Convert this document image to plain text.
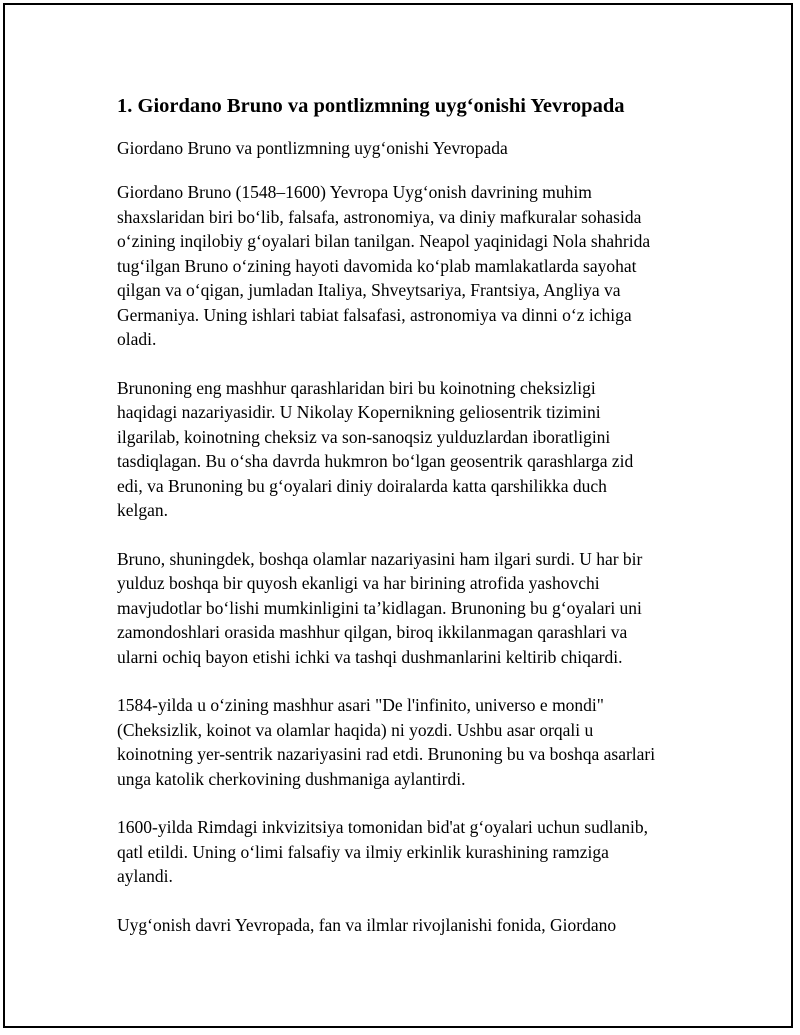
1. Giordano Bruno va pontlizmning uyg‘onishi Yevropada
Giordano Bruno va pontlizmning uyg‘onishi Yevropada
Giordano Bruno (1548–1600) Yevropa Uyg‘onish davrining muhim
shaxslaridan biri bo‘lib, falsafa, astronomiya, va diniy mafkuralar sohasida
o‘zining inqilobiy g‘oyalari bilan tanilgan. Neapol yaqinidagi Nola shahrida
tug‘ilgan Bruno o‘zining hayoti davomida ko‘plab mamlakatlarda sayohat
qilgan va o‘qigan, jumladan Italiya, Shveytsariya, Frantsiya, Angliya va
Germaniya. Uning ishlari tabiat falsafasi, astronomiya va dinni o‘z ichiga
oladi.
Brunoning eng mashhur qarashlaridan biri bu koinotning cheksizligi
haqidagi nazariyasidir. U Nikolay Kopernikning geliosentrik tizimini
ilgarilab, koinotning cheksiz va son-sanoqsiz yulduzlardan iboratligini
tasdiqlagan. Bu o‘sha davrda hukmron bo‘lgan geosentrik qarashlarga zid
edi, va Brunoning bu g‘oyalari diniy doiralarda katta qarshilikka duch
kelgan.
Bruno, shuningdek, boshqa olamlar nazariyasini ham ilgari surdi. U har bir
yulduz boshqa bir quyosh ekanligi va har birining atrofida yashovchi
mavjudotlar bo‘lishi mumkinligini ta’kidlagan. Brunoning bu g‘oyalari uni
zamondoshlari orasida mashhur qilgan, biroq ikkilanmagan qarashlari va
ularni ochiq bayon etishi ichki va tashqi dushmanlarini keltirib chiqardi.
1584-yilda u o‘zining mashhur asari "De l'infinito, universo e mondi"
(Cheksizlik, koinot va olamlar haqida) ni yozdi. Ushbu asar orqali u
koinotning yer-sentrik nazariyasini rad etdi. Brunoning bu va boshqa asarlari
unga katolik cherkovining dushmaniga aylantirdi.
1600-yilda Rimdagi inkvizitsiya tomonidan bid'at g‘oyalari uchun sudlanib,
qatl etildi. Uning o‘limi falsafiy va ilmiy erkinlik kurashining ramziga
aylandi.
Uyg‘onish davri Yevropada, fan va ilmlar rivojlanishi fonida, Giordano
